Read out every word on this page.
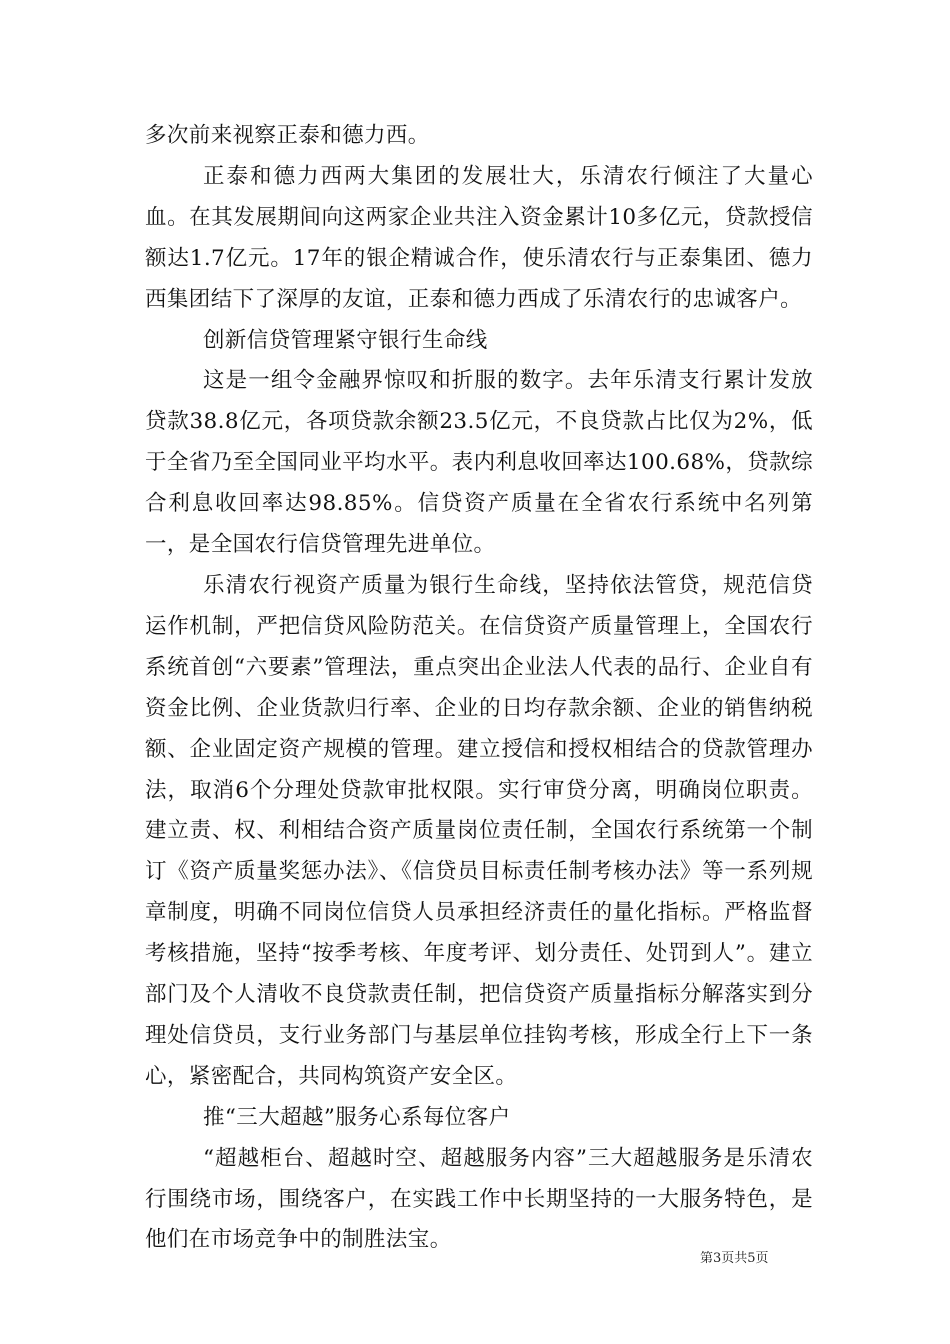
多次前来视察正泰和德力西。

正泰和德力西两大集团的发展壮大，乐清农行倾注了大量心血。在其发展期间向这两家企业共注入资金累计10多亿元，贷款授信额达1.7亿元。17年的银企精诚合作，使乐清农行与正泰集团、德力西集团结下了深厚的友谊，正泰和德力西成了乐清农行的忠诚客户。

创新信贷管理紧守银行生命线

这是一组令金融界惊叹和折服的数字。去年乐清支行累计发放贷款38.8亿元，各项贷款余额23.5亿元，不良贷款占比仅为2%，低于全省乃至全国同业平均水平。表内利息收回率达100.68%，贷款综合利息收回率达98.85%。信贷资产质量在全省农行系统中名列第一，是全国农行信贷管理先进单位。

乐清农行视资产质量为银行生命线，坚持依法管贷，规范信贷运作机制，严把信贷风险防范关。在信贷资产质量管理上，全国农行系统首创“六要素”管理法，重点突出企业法人代表的品行、企业自有资金比例、企业货款归行率、企业的日均存款余额、企业的销售纳税额、企业固定资产规模的管理。建立授信和授权相结合的贷款管理办法，取消6个分理处贷款审批权限。实行审贷分离，明确岗位职责。建立责、权、利相结合资产质量岗位责任制，全国农行系统第一个制订《资产质量奖惩办法》、《信贷员目标责任制考核办法》等一系列规章制度，明确不同岗位信贷人员承担经济责任的量化指标。严格监督考核措施，坚持“按季考核、年度考评、划分责任、处罚到人”。建立部门及个人清收不良贷款责任制，把信贷资产质量指标分解落实到分理处信贷员，支行业务部门与基层单位挂钩考核，形成全行上下一条心，紧密配合，共同构筑资产安全区。

推“三大超越”服务心系每位客户

“超越柜台、超越时空、超越服务内容”三大超越服务是乐清农行围绕市场，围绕客户，在实践工作中长期坚持的一大服务特色，是他们在市场竞争中的制胜法宝。

第3页共5页
